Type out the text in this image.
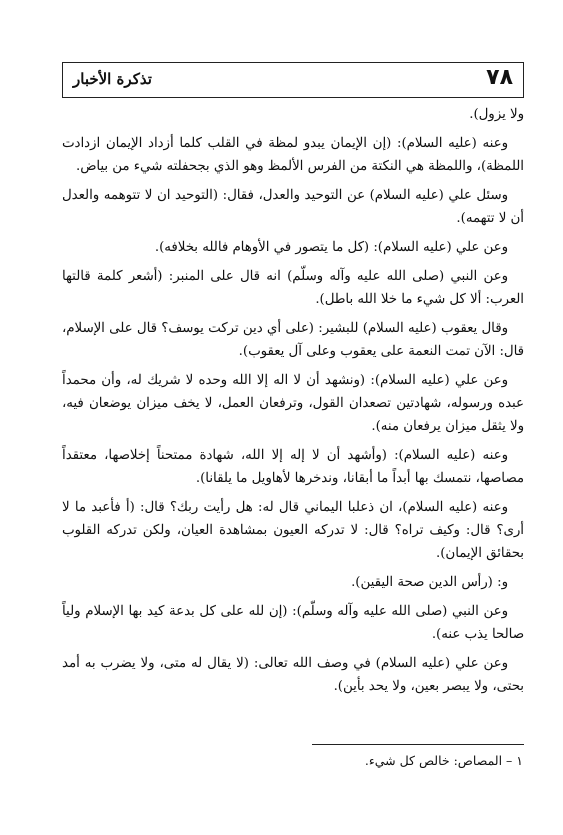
٧٨
تذكرة الأخبار

ولا يزول).

وعنه (عليه السلام): (إن الإيمان يبدو لمظة في القلب كلما أزداد الإيمان ازدادت اللمظة)، واللمظة هي النكتة من الفرس الألمظ وهو الذي بجحفلته شيء من بياض.

وسئل علي (عليه السلام) عن التوحيد والعدل، فقال: (التوحيد ان لا تتوهمه والعدل أن لا تتهمه).

وعن علي (عليه السلام): (كل ما يتصور في الأوهام فالله بخلافه).

وعن النبي (صلى الله عليه وآله وسلّم) انه قال على المنبر: (أشعر كلمة قالتها العرب: ألا كل شيء ما خلا الله باطل).

وقال يعقوب (عليه السلام) للبشير: (على أي دين تركت يوسف؟ قال على الإسلام، قال: الآن تمت النعمة على يعقوب وعلى آل يعقوب).

وعن علي (عليه السلام): (ونشهد أن لا اله إلا الله وحده لا شريك له، وأن محمداً عبده ورسوله، شهادتين تصعدان القول، وترفعان العمل، لا يخف ميزان يوضعان فيه، ولا يثقل ميزان يرفعان منه).

وعنه (عليه السلام): (وأشهد أن لا إله إلا الله، شهادة ممتحناً إخلاصها، معتقداً مصاصها، نتمسك بها أبداً ما أبقانا، وندخرها لأهاويل ما يلقانا).

وعنه (عليه السلام)، ان ذعلبا اليماني قال له: هل رأيت ربك؟ قال: (أ فأعبد ما لا أرى؟ قال: وكيف تراه؟ قال: لا تدركه العيون بمشاهدة العيان، ولكن تدركه القلوب بحقائق الإيمان).

و: (رأس الدين صحة اليقين).

وعن النبي (صلى الله عليه وآله وسلّم): (إن لله على كل بدعة كيد بها الإسلام ولياً صالحا يذب عنه).

وعن علي (عليه السلام) في وصف الله تعالى: (لا يقال له متى، ولا يضرب به أمد بحتى، ولا يبصر بعين، ولا يحد بأين).

١ – المصاص: خالص كل شيء.
